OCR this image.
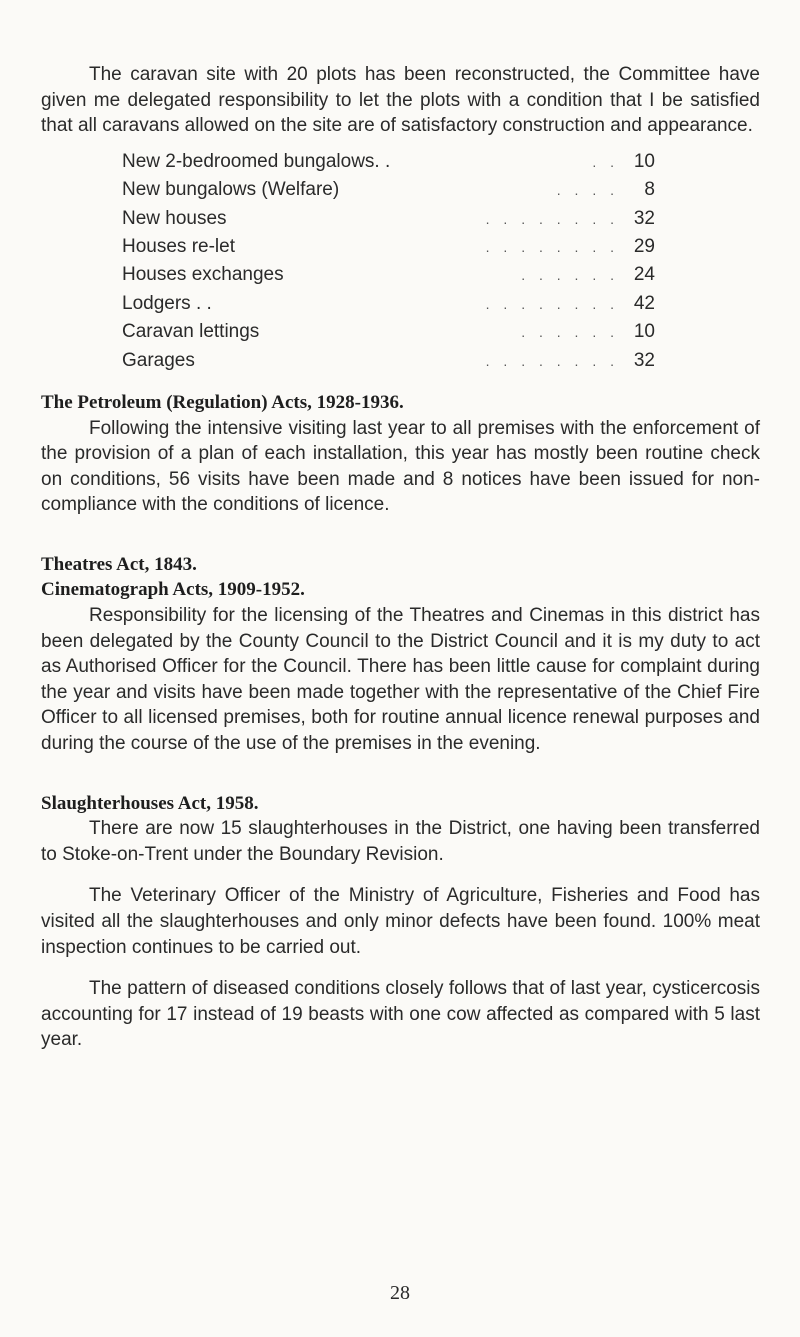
The caravan site with 20 plots has been reconstructed, the Committee have given me delegated responsibility to let the plots with a condition that I be satisfied that all caravans allowed on the site are of satisfactory construction and appearance.

New 2-bedroomed bungalows. .	. . 10
New bungalows (Welfare)	. . . .	8
New houses	. . . . . . . . 32
Houses re-let	. . . . . . . . 29
Houses exchanges	. . . . . . 24
Lodgers . .	. . . . . . . . 42
Caravan lettings	. . . . . . 10
Garages	. . . . . . . . 32
The Petroleum (Regulation) Acts, 1928-1936.

Following the intensive visiting last year to all premises with the enforcement of the provision of a plan of each installation, this year has mostly been routine check on conditions, 56 visits have been made and 8 notices have been issued for non-compliance with the conditions of licence.

Theatres Act, 1843.
Cinematograph Acts, 1909-1952.

Responsibility for the licensing of the Theatres and Cinemas in this district has been delegated by the County Council to the District Council and it is my duty to act as Authorised Officer for the Council. There has been little cause for complaint during the year and visits have been made together with the representative of the Chief Fire Officer to all licensed premises, both for routine annual licence renewal purposes and during the course of the use of the premises in the evening.

Slaughterhouses Act, 1958.

There are now 15 slaughterhouses in the District, one having been transferred to Stoke-on-Trent under the Boundary Revision.

The Veterinary Officer of the Ministry of Agriculture, Fisheries and Food has visited all the slaughterhouses and only minor defects have been found. 100% meat inspection continues to be carried out.

The pattern of diseased conditions closely follows that of last year, cysticercosis accounting for 17 instead of 19 beasts with one cow affected as compared with 5 last year.

28
